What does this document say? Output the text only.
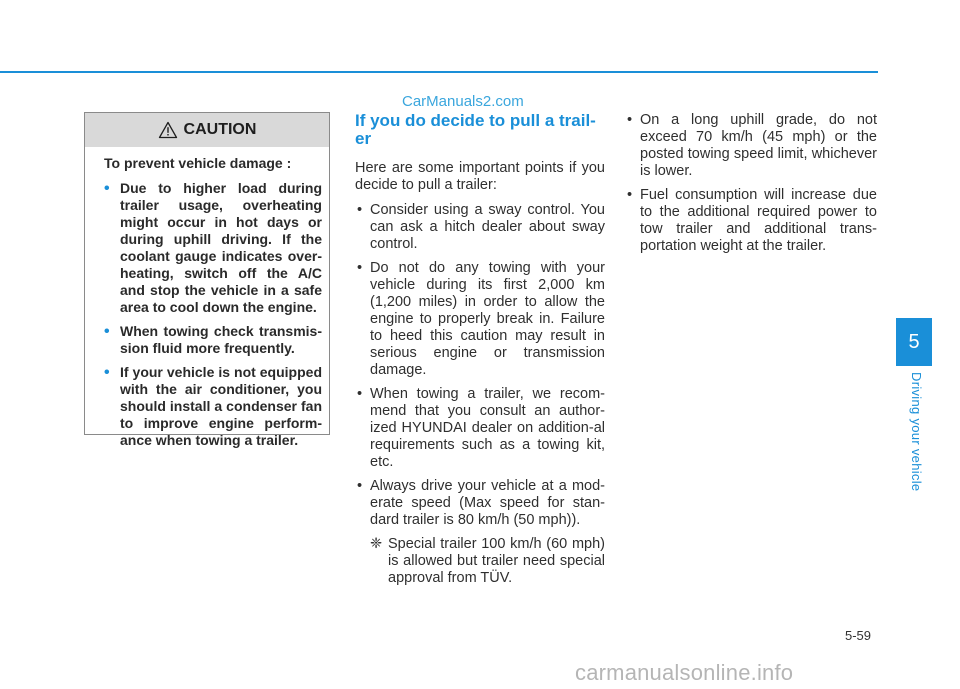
CarManuals2.com
CAUTION
To prevent vehicle damage :
• Due to higher load during trailer usage, overheating might occur in hot days or during uphill driving. If the coolant gauge indicates over-heating, switch off the A/C and stop the vehicle in a safe area to cool down the engine.
• When towing check transmis-sion fluid more frequently.
• If your vehicle is not equipped with the air conditioner, you should install a condenser fan to improve engine perform-ance when towing a trailer.
If you do decide to pull a trail-er

Here are some important points if you decide to pull a trailer:

• Consider using a sway control. You can ask a hitch dealer about sway control.
• Do not do any towing with your vehicle during its first 2,000 km (1,200 miles) in order to allow the engine to properly break in. Failure to heed this caution may result in serious engine or transmission damage.
• When towing a trailer, we recom-mend that you consult an author-ized HYUNDAI dealer on addition-al requirements such as a towing kit, etc.
• Always drive your vehicle at a mod-erate speed (Max speed for stan-dard trailer is 80 km/h (50 mph)).
❈ Special trailer 100 km/h (60 mph) is allowed but trailer need special approval from TÜV.
• On a long uphill grade, do not exceed 70 km/h (45 mph) or the posted towing speed limit, whichever is lower.
• Fuel consumption will increase due to the additional required power to tow trailer and additional trans-portation weight at the trailer.
5
Driving your vehicle
5-59
carmanualsonline.info
